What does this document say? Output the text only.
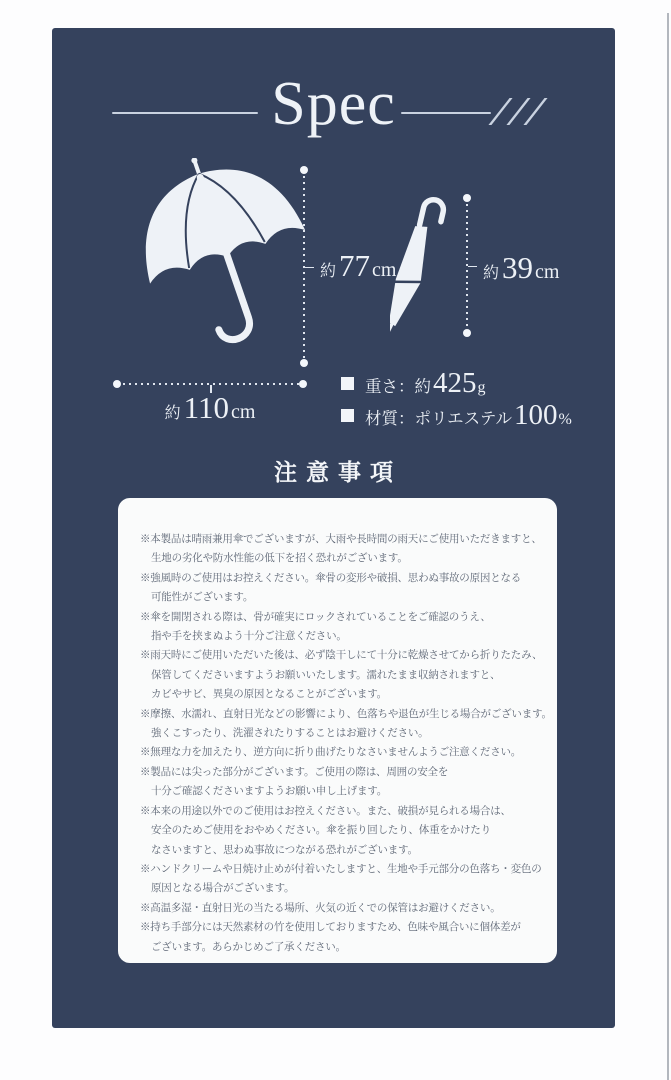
Spec
約 77 cm	約 39 cm
約 110 cm
重さ：約 425 g
材質：ポリエステル 100 %
注意事項
※本製品は晴雨兼用傘でございますが、大雨や長時間の雨天にご使用いただきますと、
生地の劣化や防水性能の低下を招く恐れがございます。
※強風時のご使用はお控えください。傘骨の変形や破損、思わぬ事故の原因となる
可能性がございます。
※傘を開閉される際は、骨が確実にロックされていることをご確認のうえ、
指や手を挟まぬよう十分ご注意ください。
※雨天時にご使用いただいた後は、必ず陰干しにて十分に乾燥させてから折りたたみ、
保管してくださいますようお願いいたします。濡れたまま収納されますと、
カビやサビ、異臭の原因となることがございます。
※摩擦、水濡れ、直射日光などの影響により、色落ちや退色が生じる場合がございます。
強くこすったり、洗濯されたりすることはお避けください。
※無理な力を加えたり、逆方向に折り曲げたりなさいませんようご注意ください。
※製品には尖った部分がございます。ご使用の際は、周囲の安全を
十分ご確認くださいますようお願い申し上げます。
※本来の用途以外でのご使用はお控えください。また、破損が見られる場合は、
安全のためご使用をおやめください。傘を振り回したり、体重をかけたり
なさいますと、思わぬ事故につながる恐れがございます。
※ハンドクリームや日焼け止めが付着いたしますと、生地や手元部分の色落ち・変色の
原因となる場合がございます。
※高温多湿・直射日光の当たる場所、火気の近くでの保管はお避けください。
※持ち手部分には天然素材の竹を使用しておりますため、色味や風合いに個体差が
ございます。あらかじめご了承ください。
